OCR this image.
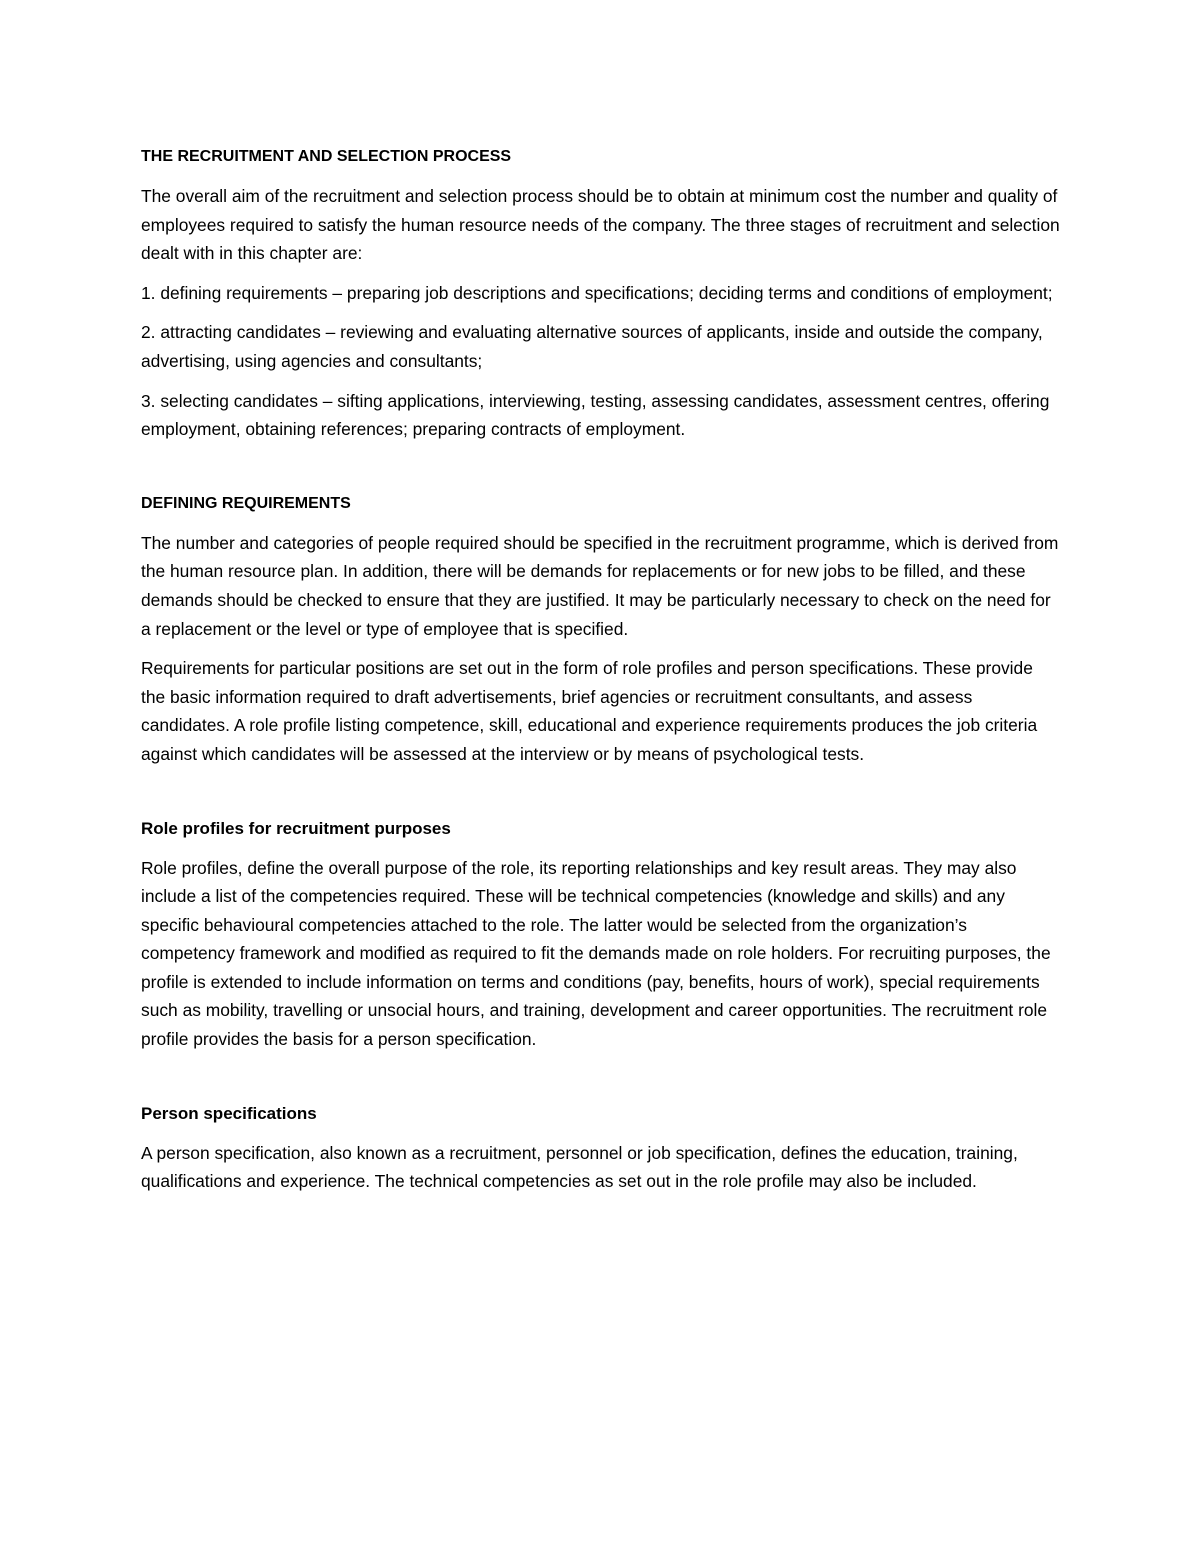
THE RECRUITMENT AND SELECTION PROCESS

The overall aim of the recruitment and selection process should be to obtain at minimum cost the number and quality of employees required to satisfy the human resource needs of the company. The three stages of recruitment and selection dealt with in this chapter are:

1. defining requirements – preparing job descriptions and specifications; deciding terms and conditions of employment;

2. attracting candidates – reviewing and evaluating alternative sources of applicants, inside and outside the company, advertising, using agencies and consultants;

3. selecting candidates – sifting applications, interviewing, testing, assessing candidates, assessment centres, offering employment, obtaining references; preparing contracts of employment.

DEFINING REQUIREMENTS

The number and categories of people required should be specified in the recruitment programme, which is derived from the human resource plan. In addition, there will be demands for replacements or for new jobs to be filled, and these demands should be checked to ensure that they are justified. It may be particularly necessary to check on the need for a replacement or the level or type of employee that is specified.

Requirements for particular positions are set out in the form of role profiles and person specifications. These provide the basic information required to draft advertisements, brief agencies or recruitment consultants, and assess candidates. A role profile listing competence, skill, educational and experience requirements produces the job criteria against which candidates will be assessed at the interview or by means of psychological tests.

Role profiles for recruitment purposes

Role profiles, define the overall purpose of the role, its reporting relationships and key result areas. They may also include a list of the competencies required. These will be technical competencies (knowledge and skills) and any specific behavioural competencies attached to the role. The latter would be selected from the organization’s competency framework and modified as required to fit the demands made on role holders. For recruiting purposes, the profile is extended to include information on terms and conditions (pay, benefits, hours of work), special requirements such as mobility, travelling or unsocial hours, and training, development and career opportunities. The recruitment role profile provides the basis for a person specification.

Person specifications

A person specification, also known as a recruitment, personnel or job specification, defines the education, training, qualifications and experience. The technical competencies as set out in the role profile may also be included.
